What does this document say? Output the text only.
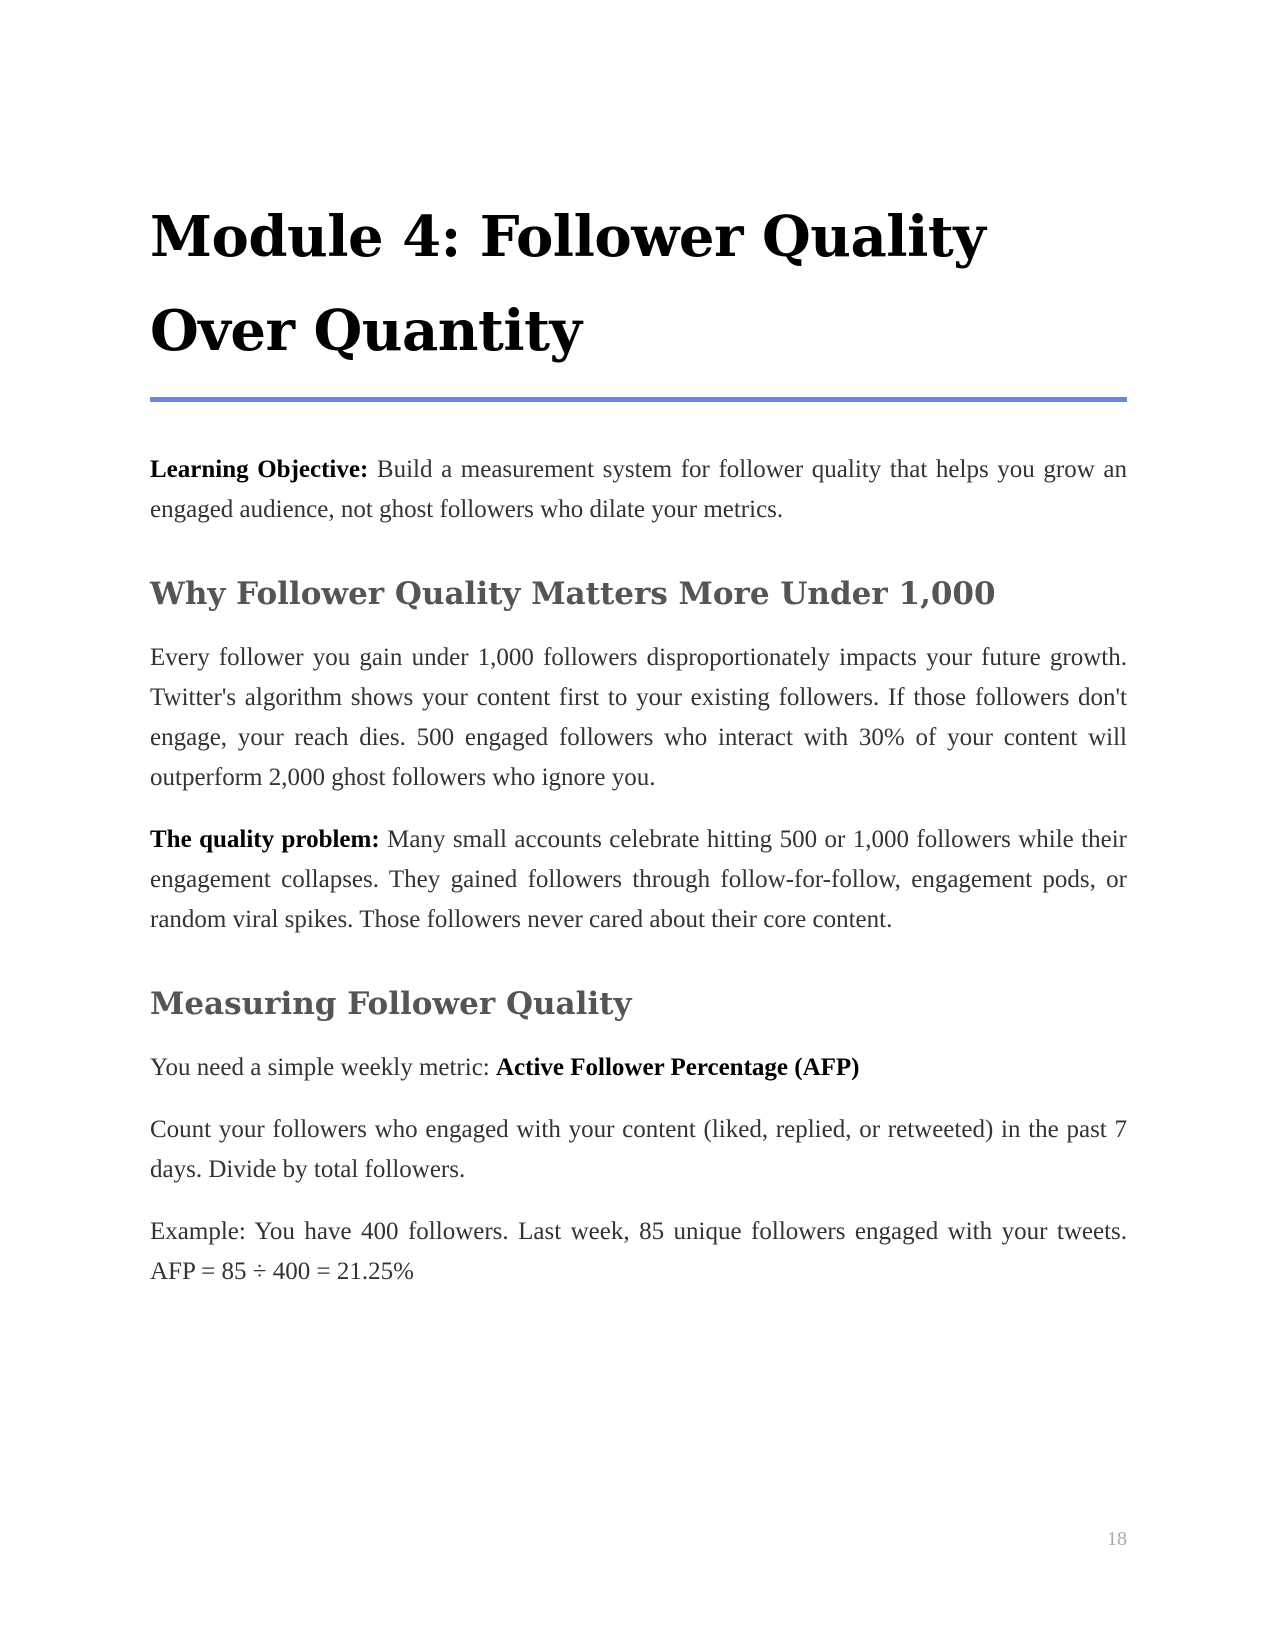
Module 4: Follower Quality
Over Quantity

Learning Objective: Build a measurement system for follower quality that helps you grow an engaged audience, not ghost followers who dilate your metrics.

Why Follower Quality Matters More Under 1,000

Every follower you gain under 1,000 followers disproportionately impacts your future growth. Twitter's algorithm shows your content first to your existing followers. If those followers don't engage, your reach dies. 500 engaged followers who interact with 30% of your content will outperform 2,000 ghost followers who ignore you.

The quality problem: Many small accounts celebrate hitting 500 or 1,000 followers while their engagement collapses. They gained followers through follow-for-follow, engagement pods, or random viral spikes. Those followers never cared about their core content.

Measuring Follower Quality

You need a simple weekly metric: Active Follower Percentage (AFP)

Count your followers who engaged with your content (liked, replied, or retweeted) in the past 7 days. Divide by total followers.

Example: You have 400 followers. Last week, 85 unique followers engaged with your tweets. AFP = 85 ÷ 400 = 21.25%

18
